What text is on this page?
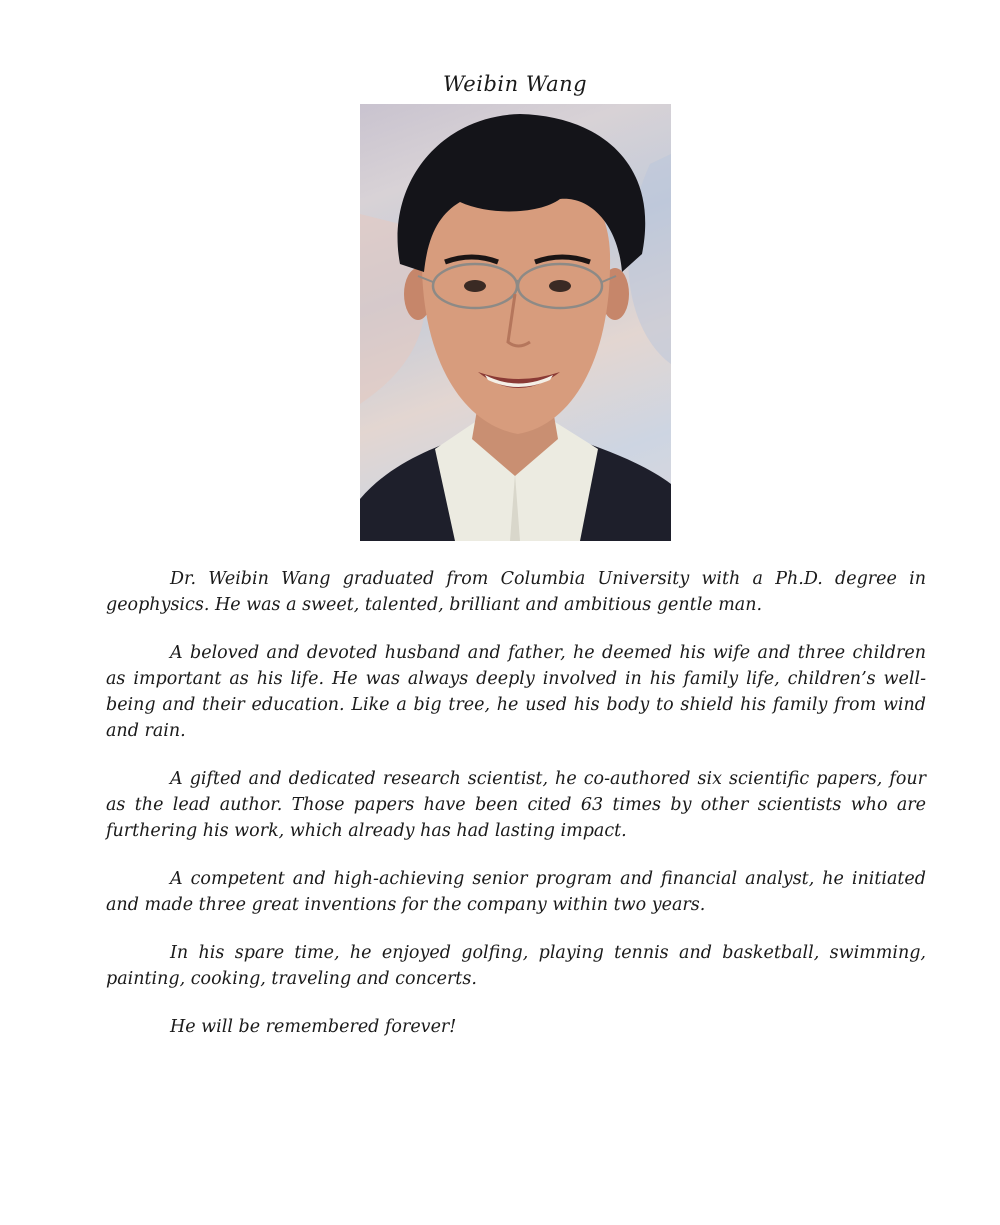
Weibin Wang

Dr. Weibin Wang graduated from Columbia University with a Ph.D. degree in geophysics. He was a sweet, talented, brilliant and ambitious gentle man.

A beloved and devoted husband and father, he deemed his wife and three children as important as his life. He was always deeply involved in his family life, children’s well-being and their education. Like a big tree, he used his body to shield his family from wind and rain.

A gifted and dedicated research scientist, he co-authored six scientific papers, four as the lead author. Those papers have been cited 63 times by other scientists who are furthering his work, which already has had lasting impact.

A competent and high-achieving senior program and financial analyst, he initiated and made three great inventions for the company within two years.

In his spare time, he enjoyed golfing, playing tennis and basketball, swimming, painting, cooking, traveling and concerts.

He will be remembered forever!
